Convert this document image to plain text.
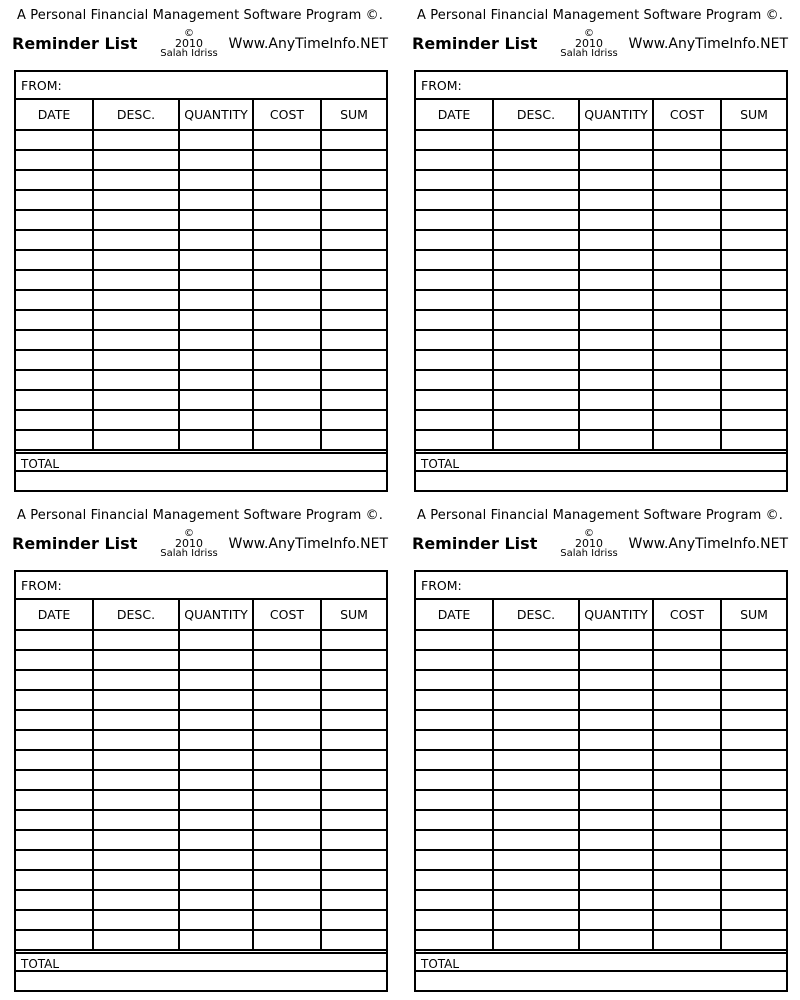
A Personal Financial Management Software Program ©.
Reminder List
©
2010
Salah Idriss
Www.AnyTimeInfo.NET
FROM:
DATE	DESC.	QUANTITY	COST	SUM

TOTAL
A Personal Financial Management Software Program ©.
Reminder List
©
2010
Salah Idriss
Www.AnyTimeInfo.NET
FROM:
DATE	DESC.	QUANTITY	COST	SUM

TOTAL
A Personal Financial Management Software Program ©.
Reminder List
©
2010
Salah Idriss
Www.AnyTimeInfo.NET
FROM:
DATE	DESC.	QUANTITY	COST	SUM

TOTAL
A Personal Financial Management Software Program ©.
Reminder List
©
2010
Salah Idriss
Www.AnyTimeInfo.NET
FROM:
DATE	DESC.	QUANTITY	COST	SUM

TOTAL
